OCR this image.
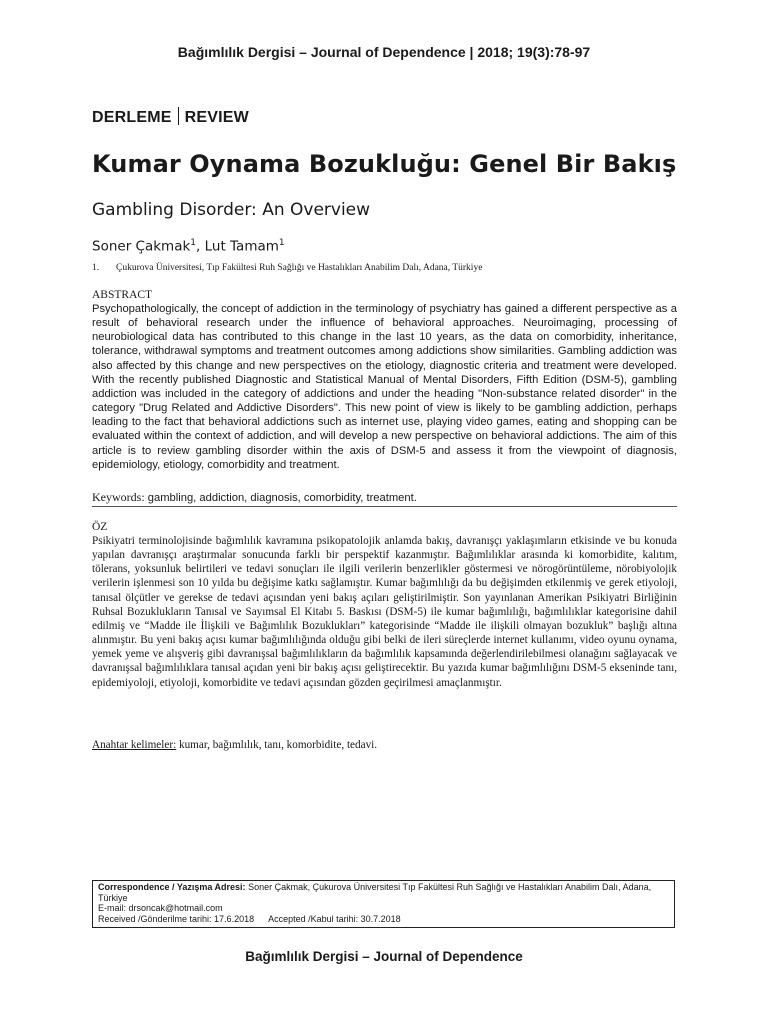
Bağımlılık Dergisi – Journal of Dependence | 2018; 19(3):78-97
DERLEME REVIEW
Kumar Oynama Bozukluğu: Genel Bir Bakış
Gambling Disorder: An Overview
Soner Çakmak$^1$, Lut Tamam$^1$
1. Çukurova Üniversitesi, Tıp Fakültesi Ruh Sağlığı ve Hastalıkları Anabilim Dalı, Adana, Türkiye
ABSTRACT
Psychopathologically, the concept of addiction in the terminology of psychiatry has gained a different perspective as a result of behavioral research under the influence of behavioral approaches. Neuroimaging, processing of neurobiological data has contributed to this change in the last 10 years, as the data on comorbidity, inheritance, tolerance, withdrawal symptoms and treatment outcomes among addictions show similarities. Gambling addiction was also affected by this change and new perspectives on the etiology, diagnostic criteria and treatment were developed. With the recently published Diagnostic and Statistical Manual of Mental Disorders, Fifth Edition (DSM-5), gambling addiction was included in the category of addictions and under the heading "Non-substance related disorder" in the category "Drug Related and Addictive Disorders". This new point of view is likely to be gambling addiction, perhaps leading to the fact that behavioral addictions such as internet use, playing video games, eating and shopping can be evaluated within the context of addiction, and will develop a new perspective on behavioral addictions. The aim of this article is to review gambling disorder within the axis of DSM-5 and assess it from the viewpoint of diagnosis, epidemiology, etiology, comorbidity and treatment.
Keywords: gambling, addiction, diagnosis, comorbidity, treatment.
ÖZ
Psikiyatri terminolojisinde bağımlılık kavramına psikopatolojik anlamda bakış, davranışçı yaklaşımların etkisinde ve bu konuda yapılan davranışçı araştırmalar sonucunda farklı bir perspektif kazanmıştır. Bağımlılıklar arasında ki komorbidite, kalıtım, tölerans, yoksunluk belirtileri ve tedavi sonuçları ile ilgili verilerin benzerlikler göstermesi ve nörogörüntüleme, nörobiyolojik verilerin işlenmesi son 10 yılda bu değişime katkı sağlamıştır. Kumar bağımlılığı da bu değişimden etkilenmiş ve gerek etiyoloji, tanısal ölçütler ve gerekse de tedavi açısından yeni bakış açıları geliştirilmiştir. Son yayınlanan Amerikan Psikiyatri Birliğinin Ruhsal Bozuklukların Tanısal ve Sayımsal El Kitabı 5. Baskısı (DSM-5) ile kumar bağımlılığı, bağımlılıklar kategorisine dahil edilmiş ve “Madde ile İlişkili ve Bağımlılık Bozuklukları” kategorisinde “Madde ile ilişkili olmayan bozukluk” başlığı altına alınmıştır. Bu yeni bakış açısı kumar bağımlılığında olduğu gibi belki de ileri süreçlerde internet kullanımı, video oyunu oynama, yemek yeme ve alışveriş gibi davranışsal bağımlılıkların da bağımlılık kapsamında değerlendirilebilmesi olanağını sağlayacak ve davranışsal bağımlılıklara tanısal açıdan yeni bir bakış açısı geliştirecektir. Bu yazıda kumar bağımlılığını DSM-5 ekseninde tanı, epidemiyoloji, etiyoloji, komorbidite ve tedavi açısından gözden geçirilmesi amaçlanmıştır.
Anahtar kelimeler: kumar, bağımlılık, tanı, komorbidite, tedavi.
Correspondence / Yazışma Adresi: Soner Çakmak, Çukurova Üniversitesi Tıp Fakültesi Ruh Sağlığı ve Hastalıkları Anabilim Dalı, Adana, Türkiye
E-mail: drsoncak@hotmail.com
Received /Gönderilme tarihi: 17.6.2018 Accepted /Kabul tarihi: 30.7.2018
Bağımlılık Dergisi – Journal of Dependence
